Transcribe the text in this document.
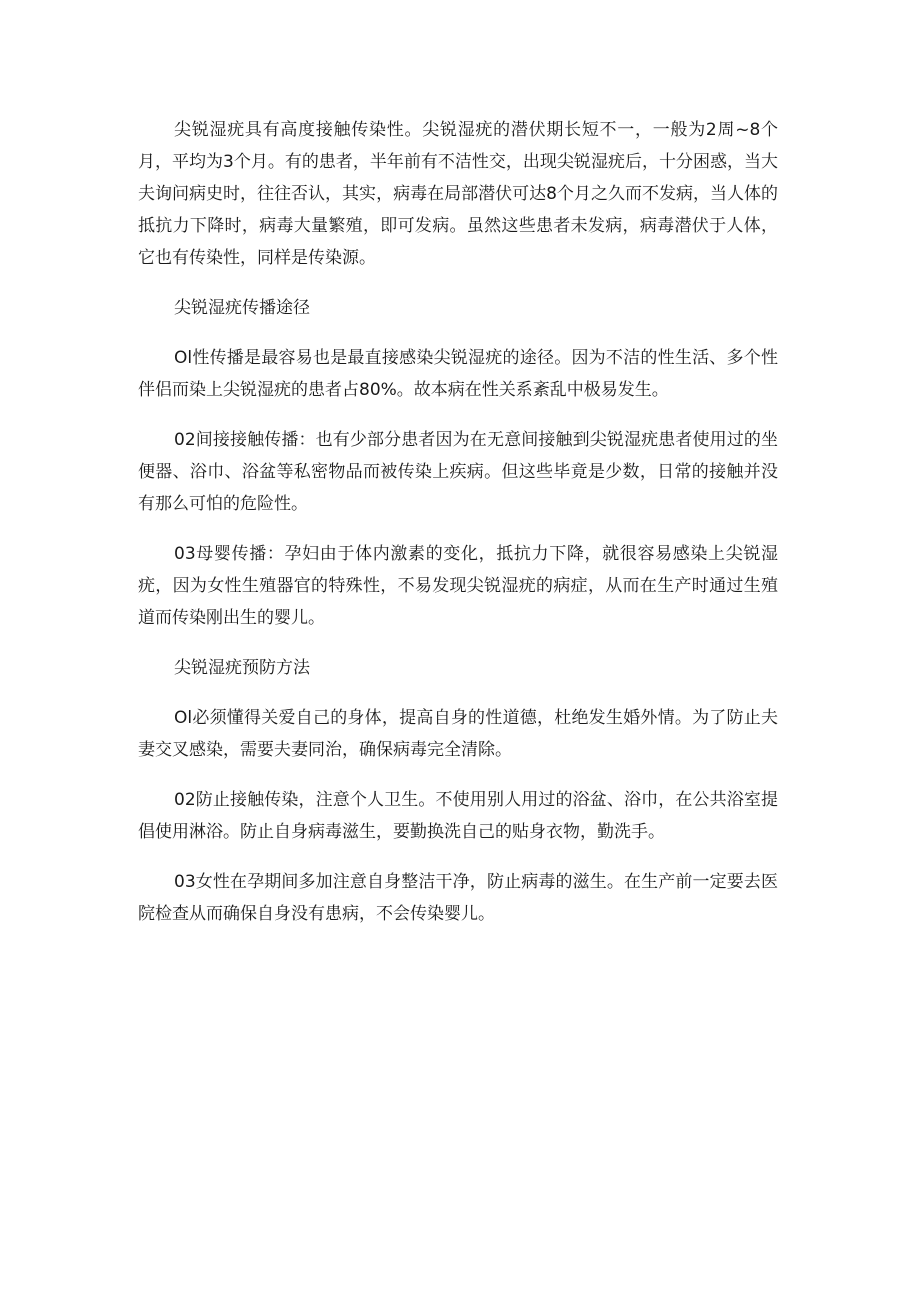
尖锐湿疣具有高度接触传染性。尖锐湿疣的潜伏期长短不一，一般为2周~8个月，平均为3个月。有的患者，半年前有不洁性交，出现尖锐湿疣后，十分困惑，当大夫询问病史时，往往否认，其实，病毒在局部潜伏可达8个月之久而不发病，当人体的抵抗力下降时，病毒大量繁殖，即可发病。虽然这些患者未发病，病毒潜伏于人体，它也有传染性，同样是传染源。

尖锐湿疣传播途径

Ol性传播是最容易也是最直接感染尖锐湿疣的途径。因为不洁的性生活、多个性伴侣而染上尖锐湿疣的患者占80%。故本病在性关系紊乱中极易发生。

02间接接触传播：也有少部分患者因为在无意间接触到尖锐湿疣患者使用过的坐便器、浴巾、浴盆等私密物品而被传染上疾病。但这些毕竟是少数，日常的接触并没有那么可怕的危险性。

03母婴传播：孕妇由于体内激素的变化，抵抗力下降，就很容易感染上尖锐湿疣，因为女性生殖器官的特殊性，不易发现尖锐湿疣的病症，从而在生产时通过生殖道而传染刚出生的婴儿。

尖锐湿疣预防方法

Ol必须懂得关爱自己的身体，提高自身的性道德，杜绝发生婚外情。为了防止夫妻交叉感染，需要夫妻同治，确保病毒完全清除。

02防止接触传染，注意个人卫生。不使用别人用过的浴盆、浴巾，在公共浴室提倡使用淋浴。防止自身病毒滋生，要勤换洗自己的贴身衣物，勤洗手。

03女性在孕期间多加注意自身整洁干净，防止病毒的滋生。在生产前一定要去医院检查从而确保自身没有患病，不会传染婴儿。
